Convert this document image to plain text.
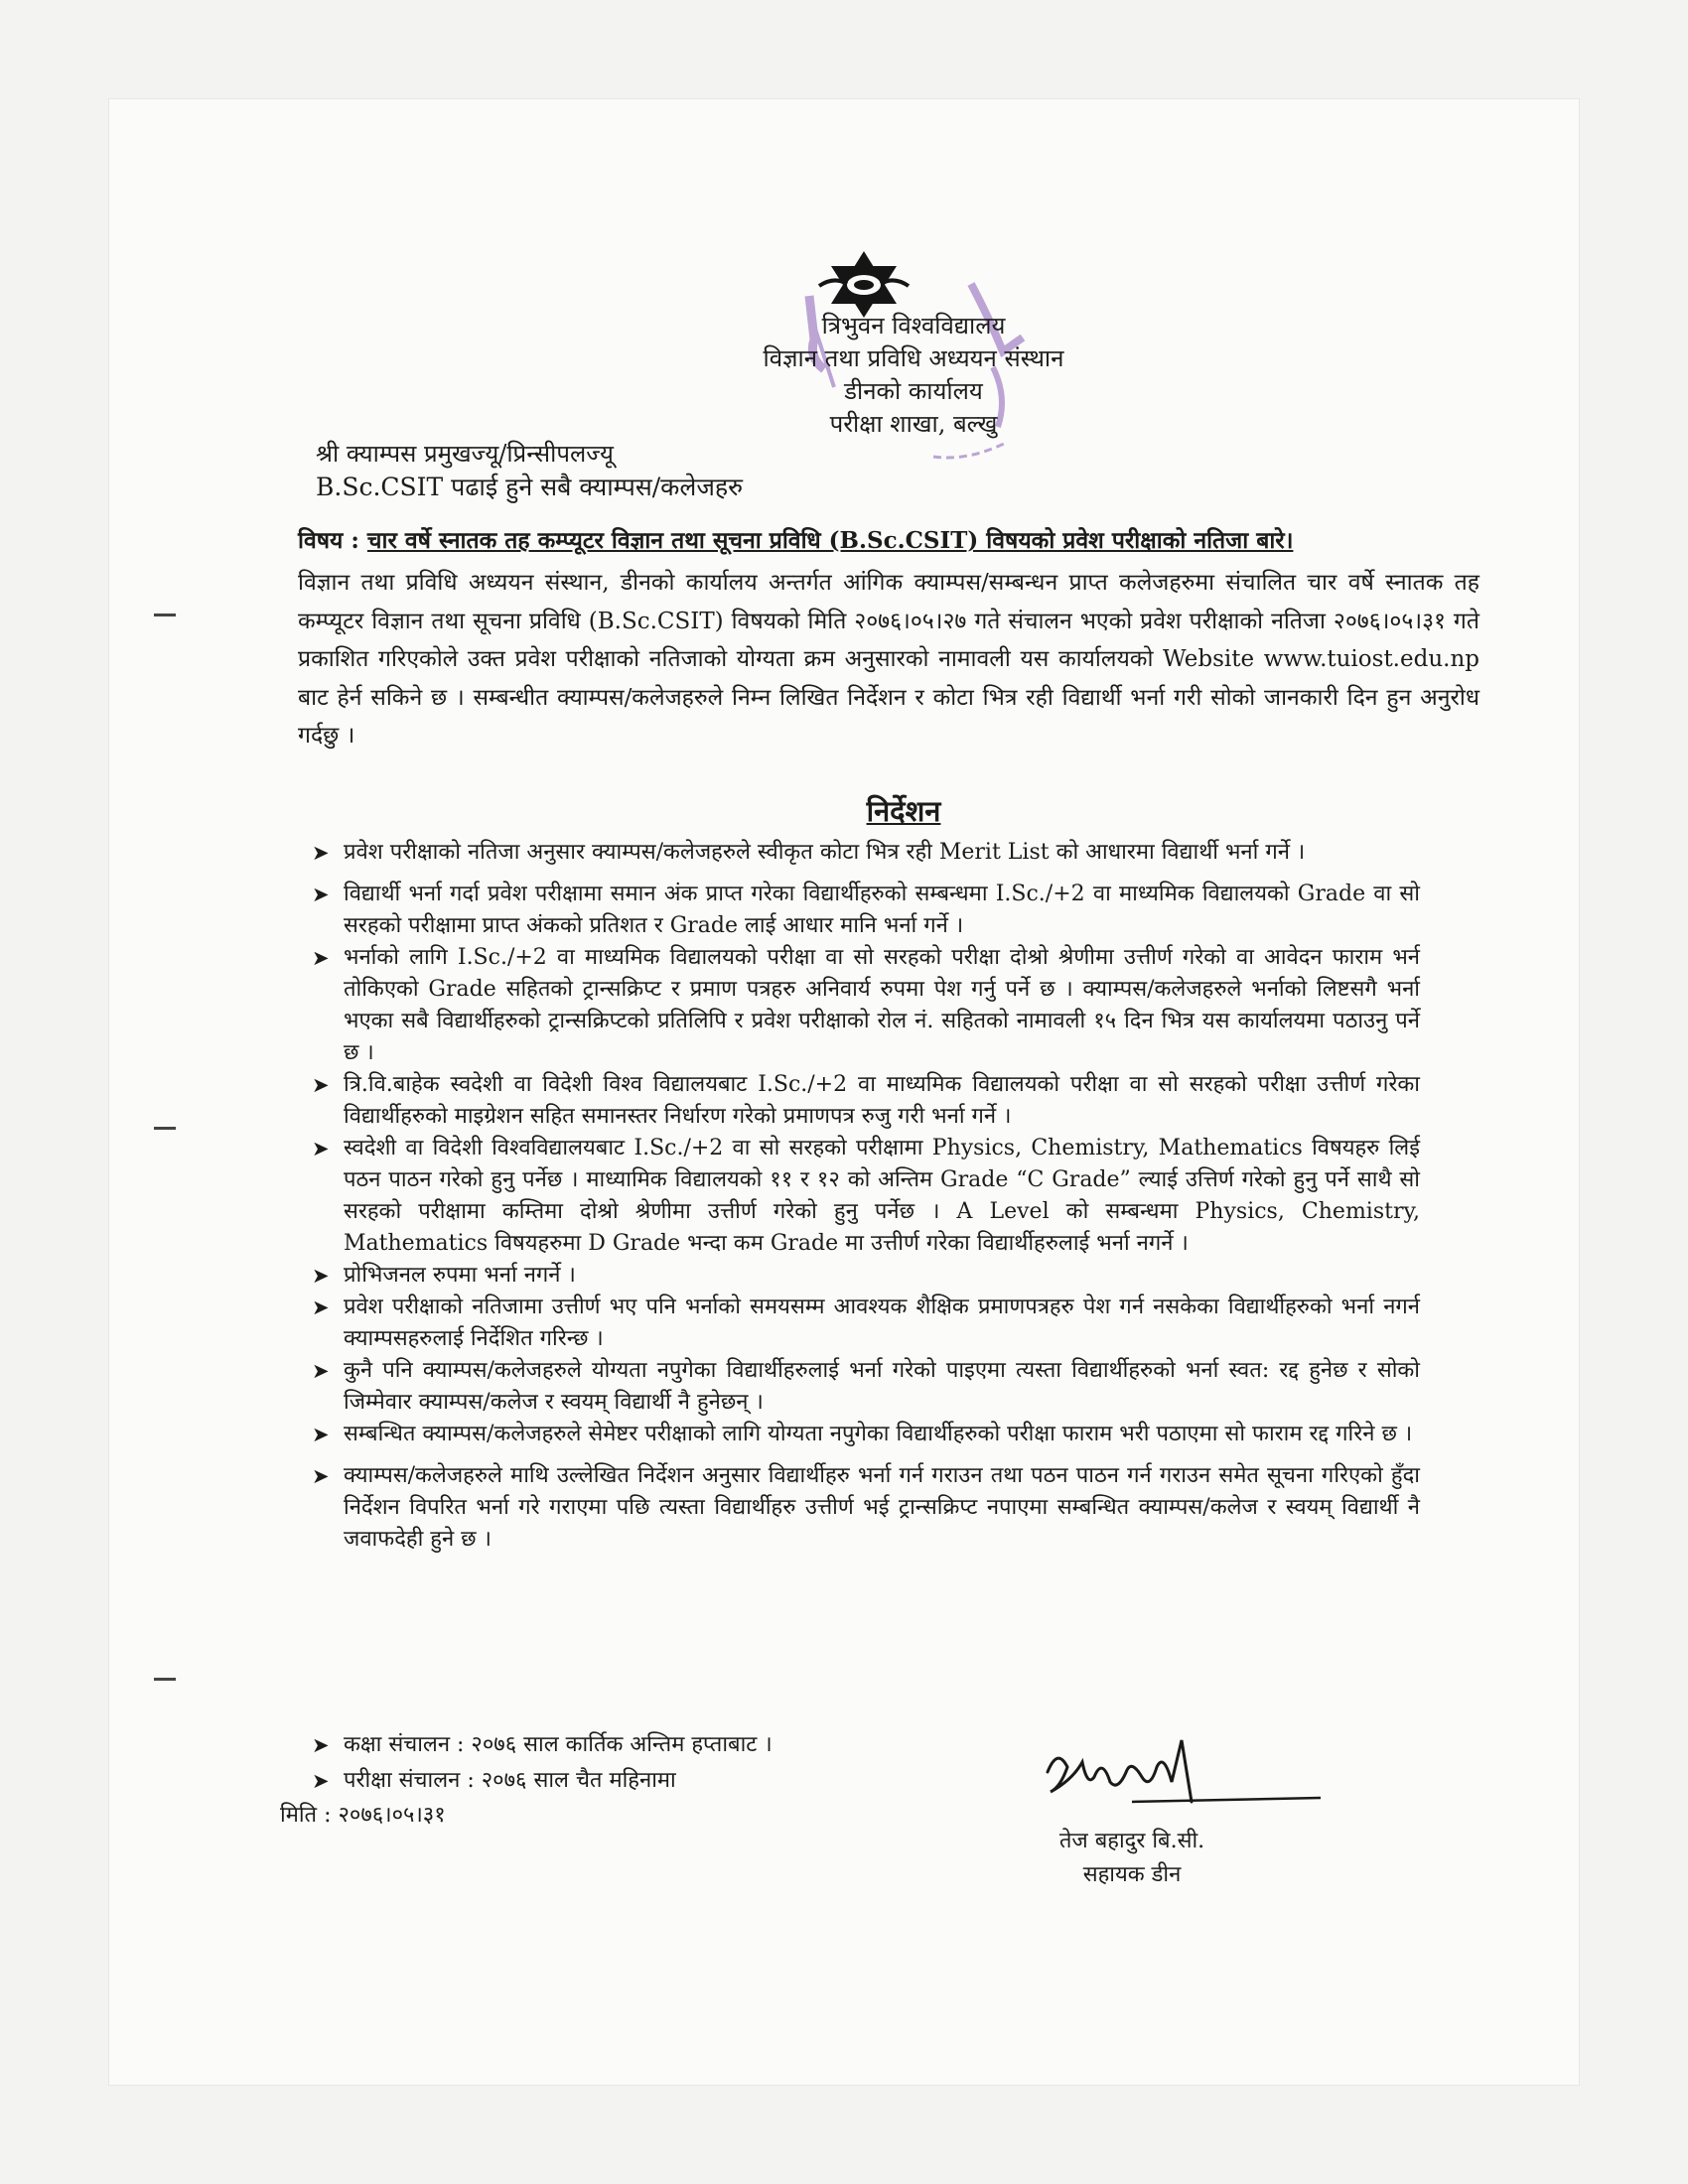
त्रिभुवन विश्वविद्यालय
विज्ञान तथा प्रविधि अध्ययन संस्थान
डीनको कार्यालय
परीक्षा शाखा, बल्खु
श्री क्याम्पस प्रमुखज्यू/प्रिन्सीपलज्यू
B.Sc.CSIT पढाई हुने सबै क्याम्पस/कलेजहरु
विषय : चार वर्षे स्नातक तह कम्प्यूटर विज्ञान तथा सूचना प्रविधि (B.Sc.CSIT) विषयको प्रवेश परीक्षाको नतिजा बारे।
विज्ञान तथा प्रविधि अध्ययन संस्थान, डीनको कार्यालय अन्तर्गत आंगिक क्याम्पस/सम्बन्धन प्राप्त कलेजहरुमा संचालित चार वर्षे स्नातक तह कम्प्यूटर विज्ञान तथा सूचना प्रविधि (B.Sc.CSIT) विषयको मिति २०७६।०५।२७ गते संचालन भएको प्रवेश परीक्षाको नतिजा २०७६।०५।३१ गते प्रकाशित गरिएकोले उक्त प्रवेश परीक्षाको नतिजाको योग्यता क्रम अनुसारको नामावली यस कार्यालयको Website www.tuiost.edu.np बाट हेर्न सकिने छ । सम्बन्धीत क्याम्पस/कलेजहरुले निम्न लिखित निर्देशन र कोटा भित्र रही विद्यार्थी भर्ना गरी सोको जानकारी दिन हुन अनुरोध गर्दछु ।
निर्देशन
➤ प्रवेश परीक्षाको नतिजा अनुसार क्याम्पस/कलेजहरुले स्वीकृत कोटा भित्र रही Merit List को आधारमा विद्यार्थी भर्ना गर्ने ।
➤ विद्यार्थी भर्ना गर्दा प्रवेश परीक्षामा समान अंक प्राप्त गरेका विद्यार्थीहरुको सम्बन्धमा I.Sc./+2 वा माध्यमिक विद्यालयको Grade वा सो सरहको परीक्षामा प्राप्त अंकको प्रतिशत र Grade लाई आधार मानि भर्ना गर्ने ।
➤ भर्नाको लागि I.Sc./+2 वा माध्यमिक विद्यालयको परीक्षा वा सो सरहको परीक्षा दोश्रो श्रेणीमा उत्तीर्ण गरेको वा आवेदन फाराम भर्न तोकिएको Grade सहितको ट्रान्सक्रिप्ट र प्रमाण पत्रहरु अनिवार्य रुपमा पेश गर्नु पर्ने छ । क्याम्पस/कलेजहरुले भर्नाको लिष्टसगै भर्ना भएका सबै विद्यार्थीहरुको ट्रान्सक्रिप्टको प्रतिलिपि र प्रवेश परीक्षाको रोल नं. सहितको नामावली १५ दिन भित्र यस कार्यालयमा पठाउनु पर्ने छ ।
➤ त्रि.वि.बाहेक स्वदेशी वा विदेशी विश्व विद्यालयबाट I.Sc./+2 वा माध्यमिक विद्यालयको परीक्षा वा सो सरहको परीक्षा उत्तीर्ण गरेका विद्यार्थीहरुको माइग्रेशन सहित समानस्तर निर्धारण गरेको प्रमाणपत्र रुजु गरी भर्ना गर्ने ।
➤ स्वदेशी वा विदेशी विश्वविद्यालयबाट I.Sc./+2 वा सो सरहको परीक्षामा Physics, Chemistry, Mathematics विषयहरु लिई पठन पाठन गरेको हुनु पर्नेछ । माध्यामिक विद्यालयको ११ र १२ को अन्तिम Grade “C Grade” ल्याई उत्तिर्ण गरेको हुनु पर्ने साथै सो सरहको परीक्षामा कम्तिमा दोश्रो श्रेणीमा उत्तीर्ण गरेको हुनु पर्नेछ । A Level को सम्बन्धमा Physics, Chemistry, Mathematics विषयहरुमा D Grade भन्दा कम Grade मा उत्तीर्ण गरेका विद्यार्थीहरुलाई भर्ना नगर्ने ।
➤ प्रोभिजनल रुपमा भर्ना नगर्ने ।
➤ प्रवेश परीक्षाको नतिजामा उत्तीर्ण भए पनि भर्नाको समयसम्म आवश्यक शैक्षिक प्रमाणपत्रहरु पेश गर्न नसकेका विद्यार्थीहरुको भर्ना नगर्न क्याम्पसहरुलाई निर्देशित गरिन्छ ।
➤ कुनै पनि क्याम्पस/कलेजहरुले योग्यता नपुगेका विद्यार्थीहरुलाई भर्ना गरेको पाइएमा त्यस्ता विद्यार्थीहरुको भर्ना स्वत: रद्द हुनेछ र सोको जिम्मेवार क्याम्पस/कलेज र स्वयम् विद्यार्थी नै हुनेछन् ।
➤ सम्बन्धित क्याम्पस/कलेजहरुले सेमेष्टर परीक्षाको लागि योग्यता नपुगेका विद्यार्थीहरुको परीक्षा फाराम भरी पठाएमा सो फाराम रद्द गरिने छ ।
➤ क्याम्पस/कलेजहरुले माथि उल्लेखित निर्देशन अनुसार विद्यार्थीहरु भर्ना गर्न गराउन तथा पठन पाठन गर्न गराउन समेत सूचना गरिएको हुँदा निर्देशन विपरित भर्ना गरे गराएमा पछि त्यस्ता विद्यार्थीहरु उत्तीर्ण भई ट्रान्सक्रिप्ट नपाएमा सम्बन्धित क्याम्पस/कलेज र स्वयम् विद्यार्थी नै जवाफदेही हुने छ ।
➤ कक्षा संचालन : २०७६ साल कार्तिक अन्तिम हप्ताबाट ।
➤ परीक्षा संचालन : २०७६ साल चैत महिनामा
मिति : २०७६।०५।३१
तेज बहादुर बि.सी.
सहायक डीन
